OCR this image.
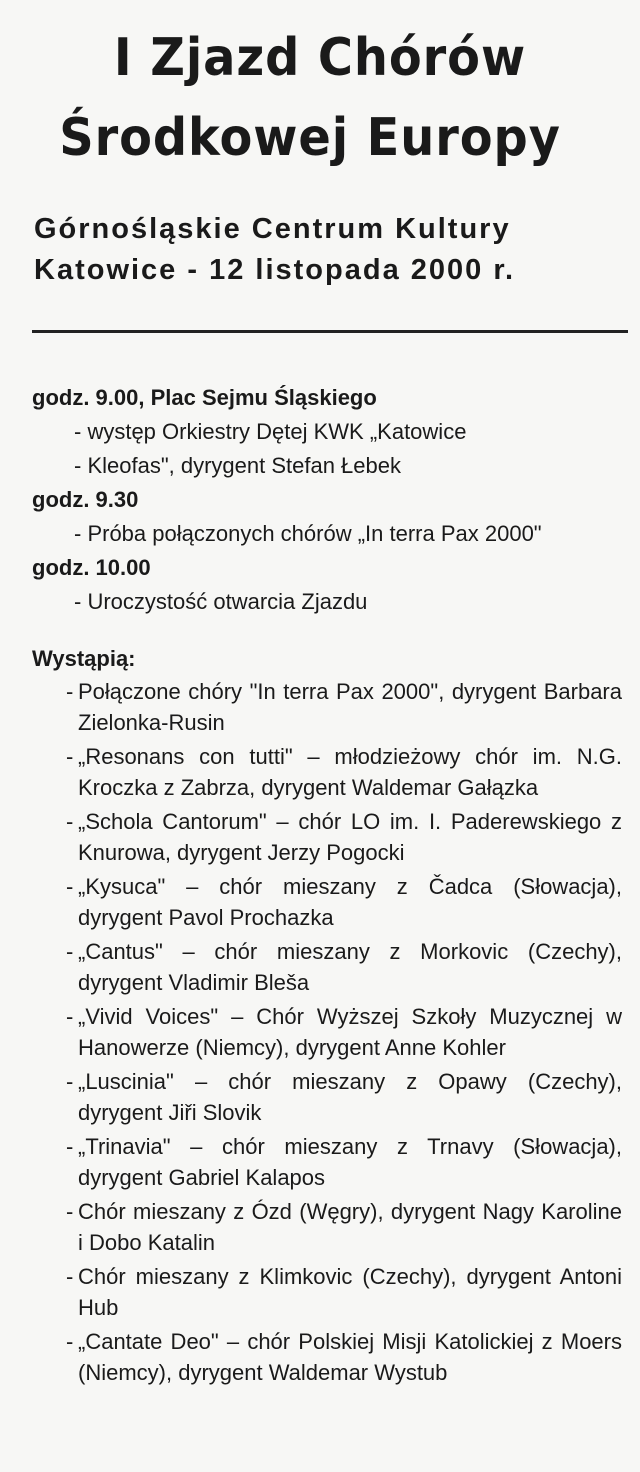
I Zjazd Chórów
Środkowej Europy

Górnośląskie Centrum Kultury

Katowice - 12 listopada 2000 r.

godz. 9.00, Plac Sejmu Śląskiego
- występ Orkiestry Dętej KWK „Katowice
- Kleofas", dyrygent Stefan Łebek
godz. 9.30
- Próba połączonych chórów „In terra Pax 2000"
godz. 10.00
- Uroczystość otwarcia Zjazdu
Wystąpią:
- Połączone chóry "In terra Pax 2000", dyrygent Barbara Zielonka-Rusin
- „Resonans con tutti" – młodzieżowy chór im. N.G. Kroczka z Zabrza, dyrygent Waldemar Gałązka
- „Schola Cantorum" – chór LO im. I. Paderewskiego z Knurowa, dyrygent Jerzy Pogocki
- „Kysuca" – chór mieszany z Čadca (Słowacja), dyrygent Pavol Prochazka
- „Cantus" – chór mieszany z Morkovic (Czechy), dyrygent Vladimir Bleša
- „Vivid Voices" – Chór Wyższej Szkoły Muzycznej w Hanowerze (Niemcy), dyrygent Anne Kohler
- „Luscinia" – chór mieszany z Opawy (Czechy), dyrygent Jiři Slovik
- „Trinavia" – chór mieszany z Trnavy (Słowacja), dyrygent Gabriel Kalapos
- Chór mieszany z Ózd (Węgry), dyrygent Nagy Karoline i Dobo Katalin
- Chór mieszany z Klimkovic (Czechy), dyrygent Antoni Hub
- „Cantate Deo" – chór Polskiej Misji Katolickiej z Moers (Niemcy), dyrygent Waldemar Wystub
